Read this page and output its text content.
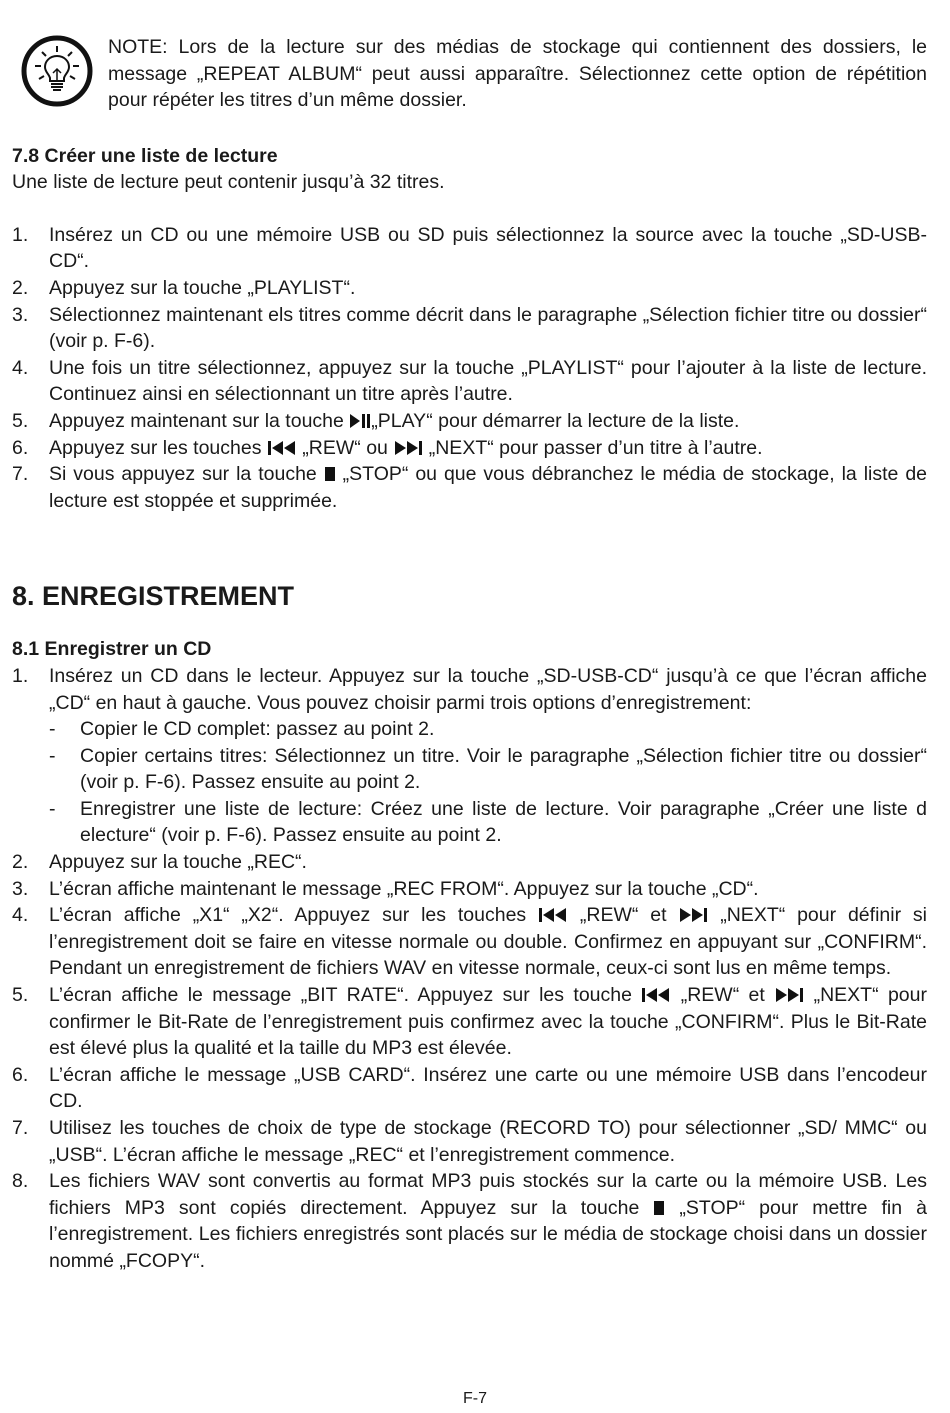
NOTE: Lors de la lecture sur des médias de stockage qui contiennent des dossiers, le message „REPEAT ALBUM“ peut aussi apparaître. Sélectionnez cette option de répétition pour répéter les titres d’un même dossier.
7.8 Créer une liste de lecture
Une liste de lecture peut contenir jusqu’à 32 titres.
1.	Insérez un CD ou une mémoire USB ou SD puis sélectionnez la source avec la touche „SD-USB-CD“.
2.	Appuyez sur la touche „PLAYLIST“.
3.	Sélectionnez maintenant els titres comme décrit dans le paragraphe „Sélection fichier titre ou dossier“ (voir p. F-6).
4.	Une fois un titre sélectionnez, appuyez sur la touche „PLAYLIST“ pour l’ajouter à la liste de lecture. Continuez ainsi en sélectionnant un titre après l’autre.
5.	Appuyez maintenant sur la touche „PLAY“ pour démarrer la lecture de la liste.
6.	Appuyez sur les touches „REW“ ou „NEXT“ pour passer d’un titre à l’autre.
7.	Si vous appuyez sur la touche „STOP“ ou que vous débranchez le média de stockage, la liste de lecture est stoppée et supprimée.
8. ENREGISTREMENT
8.1 Enregistrer un CD
1.	Insérez un CD dans le lecteur. Appuyez sur la touche „SD-USB-CD“ jusqu’à ce que l’écran affiche „CD“ en haut à gauche. Vous pouvez choisir parmi trois options d’enregistrement:
-	Copier le CD complet: passez au point 2.
-	Copier certains titres: Sélectionnez un titre. Voir le paragraphe „Sélection fichier titre ou dossier“ (voir p. F-6). Passez ensuite au point 2.
-	Enregistrer une liste de lecture: Créez une liste de lecture. Voir paragraphe „Créer une liste d electure“ (voir p. F-6). Passez ensuite au point 2.
2.	Appuyez sur la touche „REC“.
3.	L’écran affiche maintenant le message „REC FROM“. Appuyez sur la touche „CD“.
4.	L’écran affiche „X1“ „X2“. Appuyez sur les touches	„REW“ et	„NEXT“ pour définir si l’enregistrement doit se faire en vitesse normale ou double. Confirmez en appuyant sur „CONFIRM“. Pendant un enregistrement de fichiers WAV en vitesse normale, ceux-ci sont lus en même temps.
5.	L’écran affiche le message „BIT RATE“. Appuyez sur les touche	„REW“ et	„NEXT“ pour confirmer le Bit-Rate de l’enregistrement puis confirmez avec la touche „CONFIRM“. Plus le Bit-Rate est élevé plus la qualité et la taille du MP3 est élevée.
6.	L’écran affiche le message „USB CARD“. Insérez une carte ou une mémoire USB dans l’encodeur CD.
7.	Utilisez les touches de choix de type de stockage (RECORD TO) pour sélectionner „SD/ MMC“ ou „USB“. L’écran affiche le message „REC“ et l’enregistrement commence.
8.	Les fichiers WAV sont convertis au format MP3 puis stockés sur la carte ou la mémoire USB. Les fichiers MP3 sont copiés directement. Appuyez sur la touche „STOP“ pour mettre fin à l’enregistrement. Les fichiers enregistrés sont placés sur le média de stockage choisi dans un dossier nommé „FCOPY“.
F-7
